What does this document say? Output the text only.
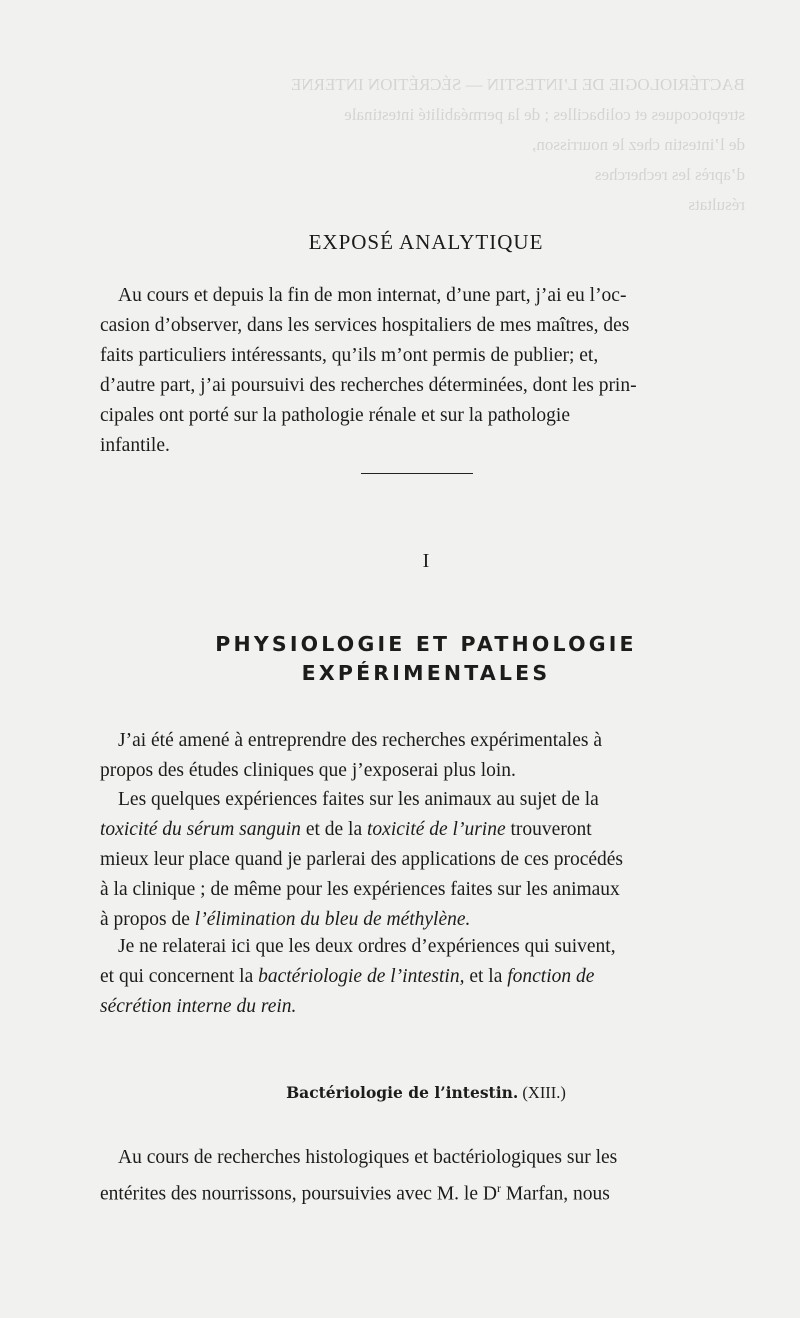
BACTÉRIOLOGIE DE L’INTESTIN — SÉCRÉTION INTERNE
streptocoques et colibacilles ; de la perméabilité intestinale
de l’intestin chez le nourrisson,
d’après les recherches
résultats
EXPOSÉ ANALYTIQUE
Au cours et depuis la fin de mon internat, d’une part, j’ai eu l’oc-
casion d’observer, dans les services hospitaliers de mes maîtres, des
faits particuliers intéressants, qu’ils m’ont permis de publier; et,
d’autre part, j’ai poursuivi des recherches déterminées, dont les prin-
cipales ont porté sur la pathologie rénale et sur la pathologie
infantile.
I
PHYSIOLOGIE ET PATHOLOGIE
EXPÉRIMENTALES
J’ai été amené à entreprendre des recherches expérimentales à
propos des études cliniques que j’exposerai plus loin.
Les quelques expériences faites sur les animaux au sujet de la
toxicité du sérum sanguin et de la toxicité de l’urine trouveront
mieux leur place quand je parlerai des applications de ces procédés
à la clinique ; de même pour les expériences faites sur les animaux
à propos de l’élimination du bleu de méthylène.
Je ne relaterai ici que les deux ordres d’expériences qui suivent,
et qui concernent la bactériologie de l’intestin, et la fonction de
sécrétion interne du rein.
Bactériologie de l’intestin. (XIII.)
Au cours de recherches histologiques et bactériologiques sur les
entérites des nourrissons, poursuivies avec M. le $D^r$ Marfan, nous
